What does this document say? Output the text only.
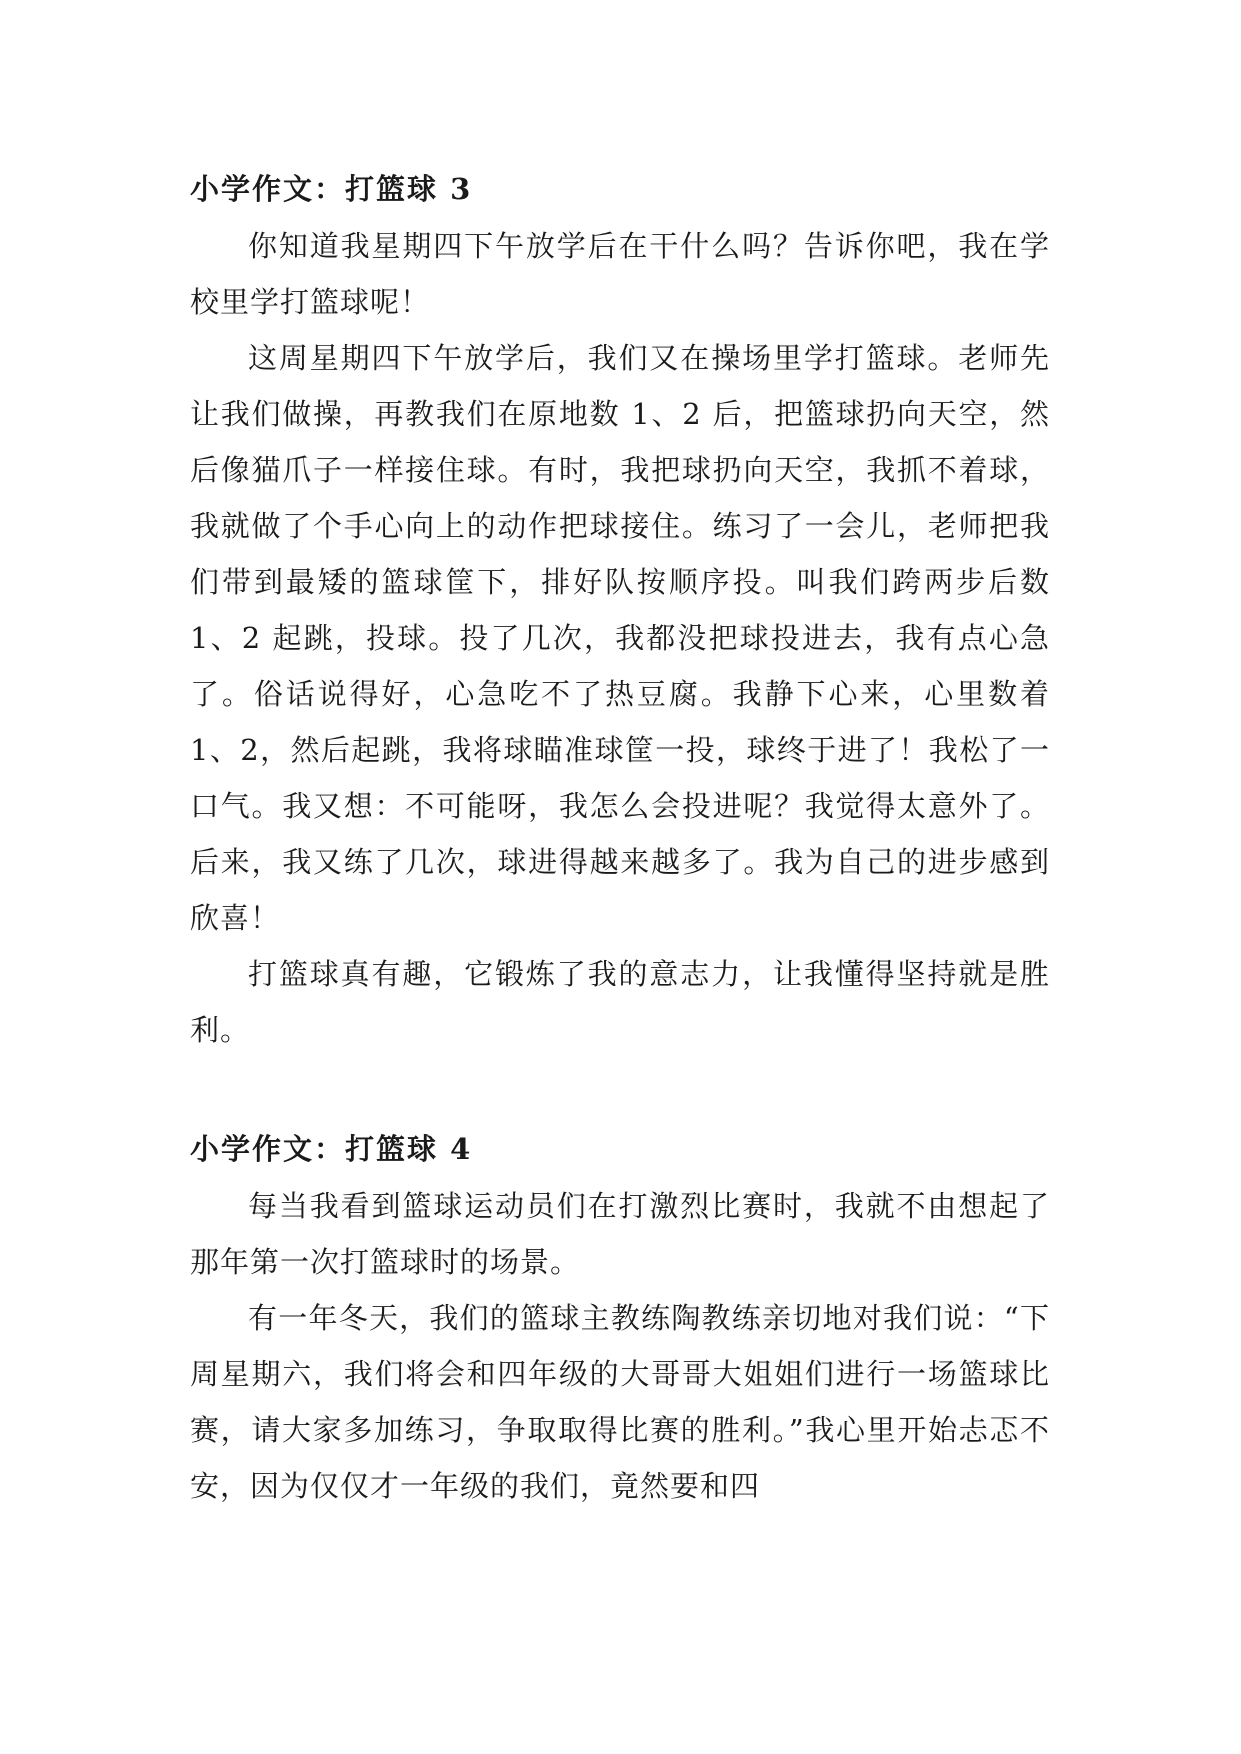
小学作文：打篮球 3

你知道我星期四下午放学后在干什么吗？告诉你吧，我在学校里学打篮球呢！

这周星期四下午放学后，我们又在操场里学打篮球。老师先让我们做操，再教我们在原地数 1、2 后，把篮球扔向天空，然后像猫爪子一样接住球。有时，我把球扔向天空，我抓不着球，我就做了个手心向上的动作把球接住。练习了一会儿，老师把我们带到最矮的篮球筐下，排好队按顺序投。叫我们跨两步后数 1、2 起跳，投球。投了几次，我都没把球投进去，我有点心急了。俗话说得好，心急吃不了热豆腐。我静下心来，心里数着 1、2，然后起跳，我将球瞄准球筐一投，球终于进了！我松了一口气。我又想：不可能呀，我怎么会投进呢？我觉得太意外了。后来，我又练了几次，球进得越来越多了。我为自己的进步感到欣喜！

打篮球真有趣，它锻炼了我的意志力，让我懂得坚持就是胜利。

小学作文：打篮球 4

每当我看到篮球运动员们在打激烈比赛时，我就不由想起了那年第一次打篮球时的场景。

有一年冬天，我们的篮球主教练陶教练亲切地对我们说：“下周星期六，我们将会和四年级的大哥哥大姐姐们进行一场篮球比赛，请大家多加练习，争取取得比赛的胜利。”我心里开始忐忑不安，因为仅仅才一年级的我们，竟然要和四
